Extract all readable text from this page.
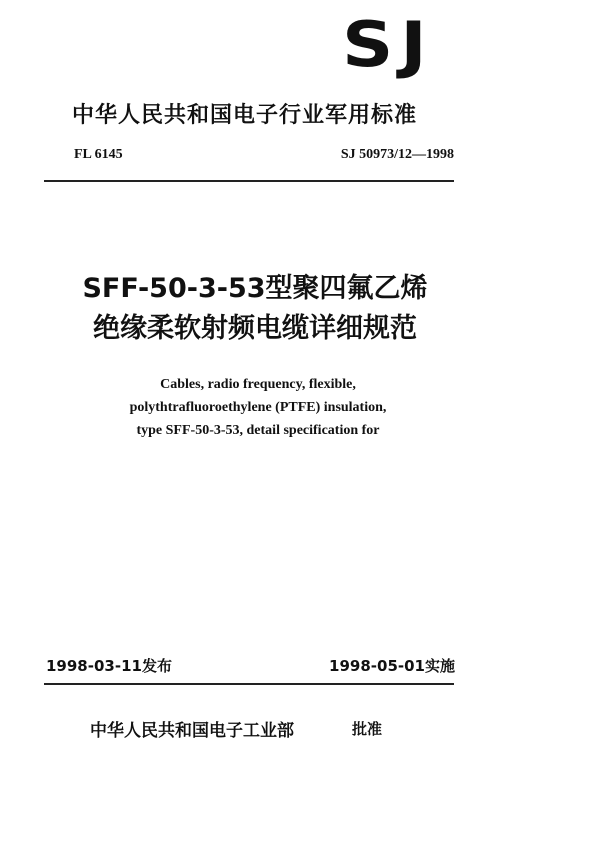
SJ
中华人民共和国电子行业军用标准
FL 6145	SJ 50973/12—1998
SFF-50-3-53型聚四氟乙烯
绝缘柔软射频电缆详细规范
Cables, radio frequency, flexible,
polythtrafluoroethylene (PTFE) insulation,
type SFF-50-3-53, detail specification for
1998-03-11发布	1998-05-01实施
中华人民共和国电子工业部	批准
